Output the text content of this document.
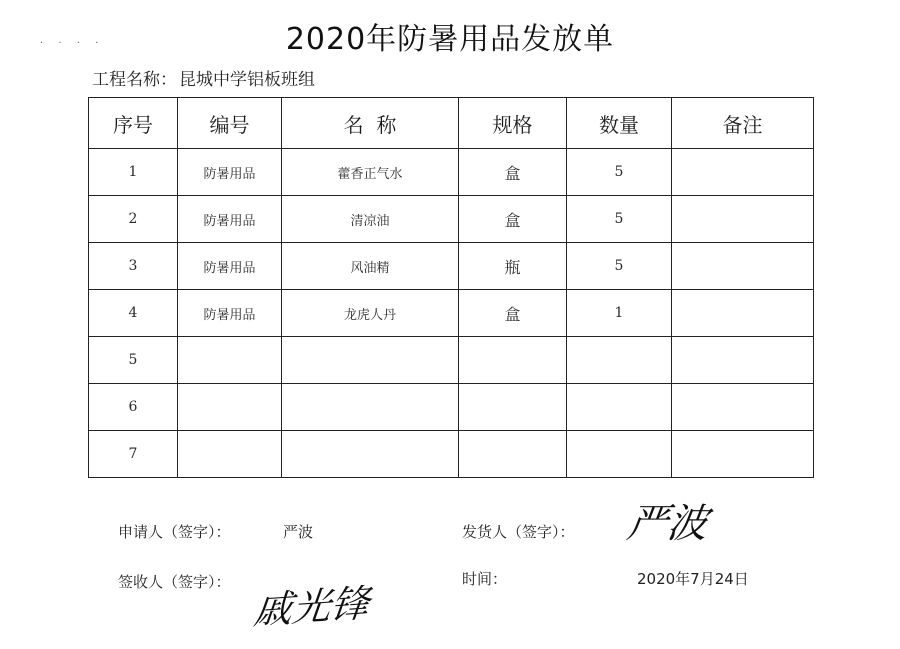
· · · ·	2020年防暑用品发放单
工程名称： 昆城中学铝板班组
序号	编号	名  称	规格	数量	备注
1	防暑用品	藿香正气水	盒	5	
2	防暑用品	清凉油	盒	5	
3	防暑用品	风油精	瓶	5	
4	防暑用品	龙虎人丹	盒	1	
5					
6					
7					
申请人（签字）：	严波	发货人（签字）： 严波
签收人（签字）： 戚光锋
时间：	2020年7月24日
